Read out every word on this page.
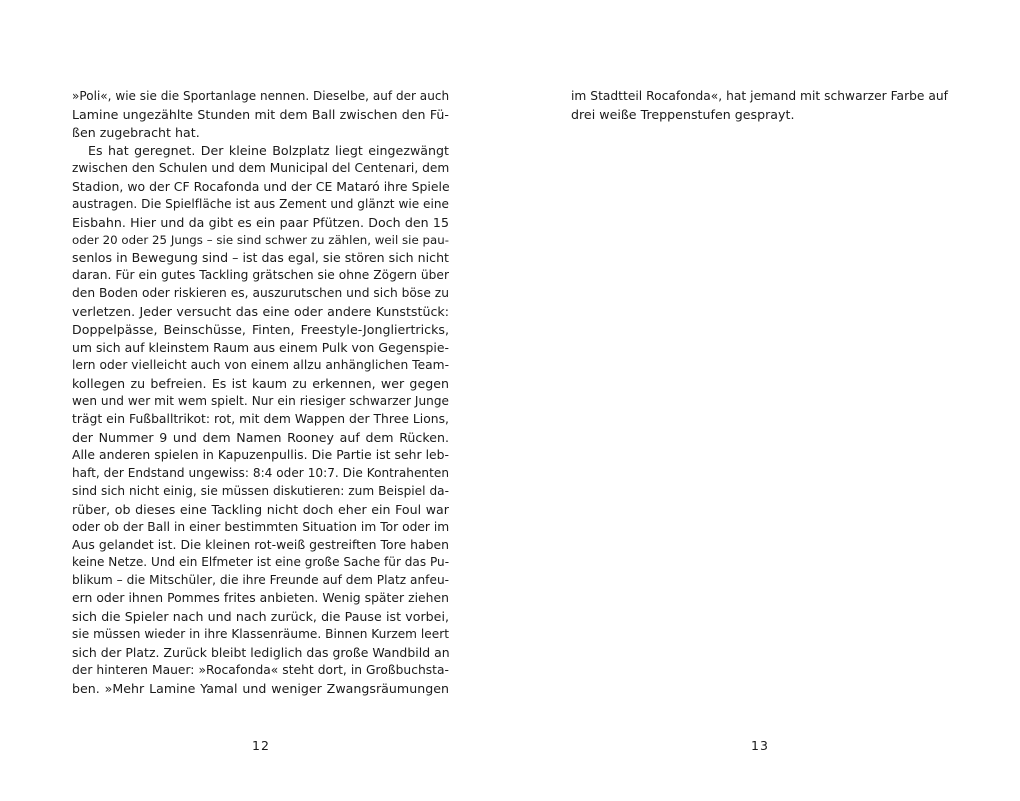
»Poli«, wie sie die Sportanlage nennen. Dieselbe, auf der auch
Lamine ungezählte Stunden mit dem Ball zwischen den Fü-
ßen zugebracht hat.
Es hat geregnet. Der kleine Bolzplatz liegt eingezwängt
zwischen den Schulen und dem Municipal del Centenari, dem
Stadion, wo der CF Rocafonda und der CE Mataró ihre Spiele
austragen. Die Spielfläche ist aus Zement und glänzt wie eine
Eisbahn. Hier und da gibt es ein paar Pfützen. Doch den 15
oder 20 oder 25 Jungs – sie sind schwer zu zählen, weil sie pau-
senlos in Bewegung sind – ist das egal, sie stören sich nicht
daran. Für ein gutes Tackling grätschen sie ohne Zögern über
den Boden oder riskieren es, auszurutschen und sich böse zu
verletzen. Jeder versucht das eine oder andere Kunststück:
Doppelpässe, Beinschüsse, Finten, Freestyle-Jongliertricks,
um sich auf kleinstem Raum aus einem Pulk von Gegenspie-
lern oder vielleicht auch von einem allzu anhänglichen Team-
kollegen zu befreien. Es ist kaum zu erkennen, wer gegen
wen und wer mit wem spielt. Nur ein riesiger schwarzer Junge
trägt ein Fußballtrikot: rot, mit dem Wappen der Three Lions,
der Nummer 9 und dem Namen Rooney auf dem Rücken.
Alle anderen spielen in Kapuzenpullis. Die Partie ist sehr leb-
haft, der Endstand ungewiss: 8:4 oder 10:7. Die Kontrahenten
sind sich nicht einig, sie müssen diskutieren: zum Beispiel da-
rüber, ob dieses eine Tackling nicht doch eher ein Foul war
oder ob der Ball in einer bestimmten Situation im Tor oder im
Aus gelandet ist. Die kleinen rot-weiß gestreiften Tore haben
keine Netze. Und ein Elfmeter ist eine große Sache für das Pu-
blikum – die Mitschüler, die ihre Freunde auf dem Platz anfeu-
ern oder ihnen Pommes frites anbieten. Wenig später ziehen
sich die Spieler nach und nach zurück, die Pause ist vorbei,
sie müssen wieder in ihre Klassenräume. Binnen Kurzem leert
sich der Platz. Zurück bleibt lediglich das große Wandbild an
der hinteren Mauer: »Rocafonda« steht dort, in Großbuchsta-
ben. »Mehr Lamine Yamal und weniger Zwangsräumungen
12
im Stadtteil Rocafonda«, hat jemand mit schwarzer Farbe auf
drei weiße Treppenstufen gesprayt.
13
